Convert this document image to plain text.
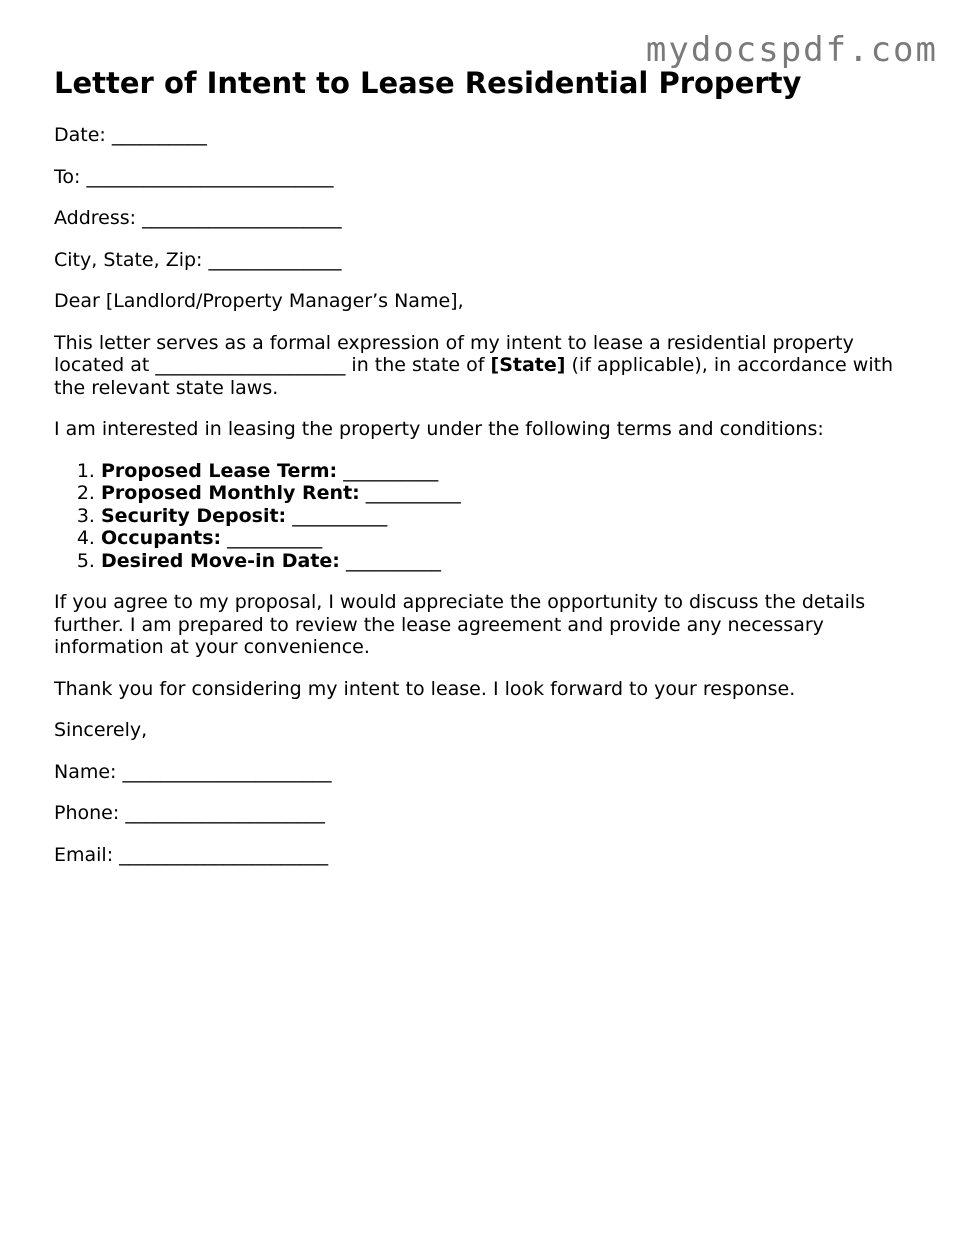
mydocspdf.com
Letter of Intent to Lease Residential Property

Date: __________

To: __________________________

Address: _____________________

City, State, Zip: ______________

Dear [Landlord/Property Manager’s Name],

This letter serves as a formal expression of my intent to lease a residential property located at ____________________ in the state of [State] (if applicable), in accordance with the relevant state laws.

I am interested in leasing the property under the following terms and conditions:

1. Proposed Lease Term: __________
2. Proposed Monthly Rent: __________
3. Security Deposit: __________
4. Occupants: __________
5. Desired Move-in Date: __________

If you agree to my proposal, I would appreciate the opportunity to discuss the details further. I am prepared to review the lease agreement and provide any necessary information at your convenience.

Thank you for considering my intent to lease. I look forward to your response.

Sincerely,

Name: ______________________

Phone: _____________________

Email: ______________________
